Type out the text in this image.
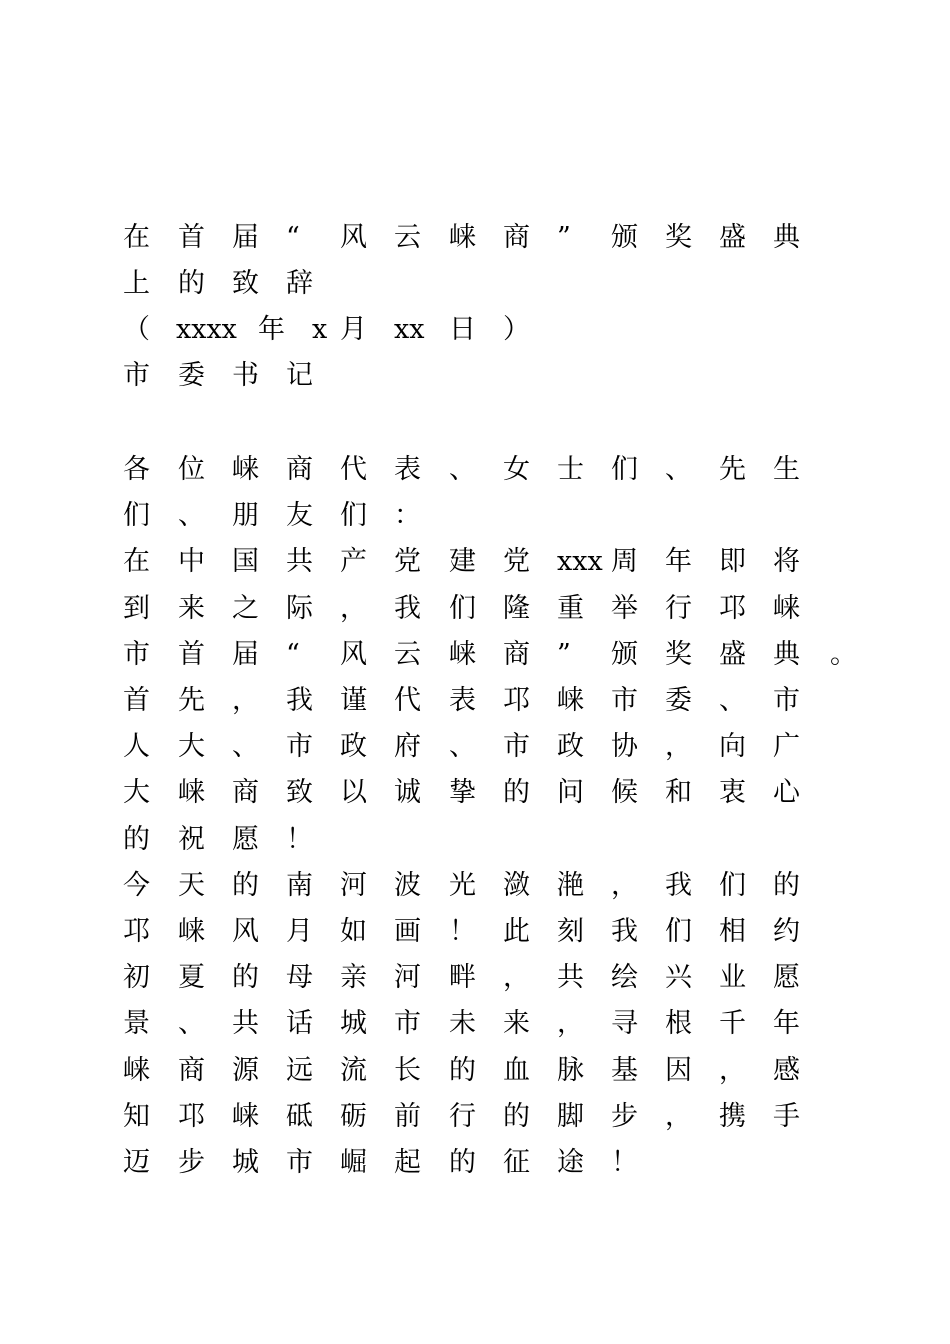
在 首 届 “ 风 云 崃 商 ” 颁 奖 盛 典
上 的 致 辞
（ xxxx 年 x 月 xx 日 ）
市 委 书 记
各 位 崃 商 代 表 、 女 士 们 、 先 生
们 、 朋 友 们 ：
在 中 国 共 产 党 建 党 xxx 周 年 即 将
到 来 之 际 ， 我 们 隆 重 举 行 邛 崃
市 首 届 “ 风 云 崃 商 ” 颁 奖 盛 典 。
首 先 ， 我 谨 代 表 邛 崃 市 委 、 市
人 大 、 市 政 府 、 市 政 协 ， 向 广
大 崃 商 致 以 诚 挚 的 问 候 和 衷 心
的 祝 愿 ！
今 天 的 南 河 波 光 潋 滟 ， 我 们 的
邛 崃 风 月 如 画 ！ 此 刻 我 们 相 约
初 夏 的 母 亲 河 畔 ， 共 绘 兴 业 愿
景 、 共 话 城 市 未 来 ， 寻 根 千 年
崃 商 源 远 流 长 的 血 脉 基 因 ， 感
知 邛 崃 砥 砺 前 行 的 脚 步 ， 携 手
迈 步 城 市 崛 起 的 征 途 ！
